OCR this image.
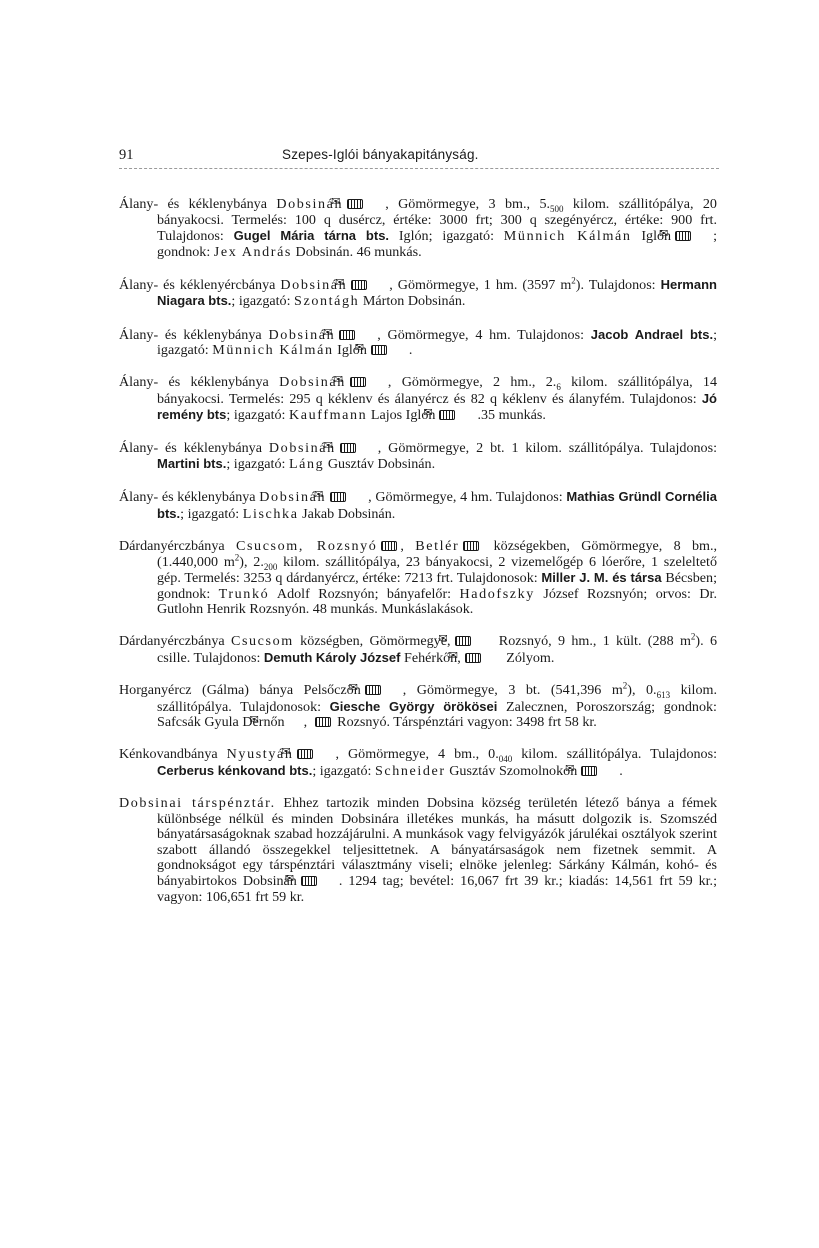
91	Szepes-Iglói bányakapitányság.

Álany- és kéklenybánya Dobsinán ✉	, Gömörmegye, 3 bm., $5._{500}$ kilom. szállitópálya, 20 bányakocsi. Termelés: 100 q dusércz, értéke: 3000 frt; 300 q szegényércz, értéke: 900 frt. Tulajdonos: Gugel Mária tárna bts. Iglón; igazgató: Münnich Kálmán Iglón ✉	; gondnok: Jex András Dobsinán. 46 munkás.

Álany- és kéklenyércbánya Dobsinán ✉	, Gömörmegye, 1 hm. (3597 $m^2$). Tulajdonos: Hermann Niagara bts.; igazgató: Szontágh Márton Dobsinán.

Álany- és kéklenybánya Dobsinán ✉	, Gömörmegye, 4 hm. Tulajdonos: Jacob Andrael bts.; igazgató: Münnich Kálmán Iglón ✉	.

Álany- és kéklenybánya Dobsinán ✉	, Gömörmegye, 2 hm., $2._6$ kilom. szállitópálya, 14 bányakocsi. Termelés: 295 q kéklenv és álanyércz és 82 q kéklenv és álanyfém. Tulajdonos: Jó remény bts; igazgató: Kauffmann Lajos Iglón ✉	.35 munkás.

Álany- és kéklenybánya Dobsinán ✉	, Gömörmegye, 2 bt. 1 kilom. szállitópálya. Tulajdonos: Martini bts.; igazgató: Láng Gusztáv Dobsinán.

Álany- és kéklenybánya Dobsinán ✉	, Gömörmegye, 4 hm. Tulajdonos: Mathias Gründl Cornélia bts.; igazgató: Lischka Jakab Dobsinán.

Dárdanyérczbánya Csucsom, Rozsnyó , Betlér községekben, Gömörmegye, 8 bm., (1.440,000 $m^2$), $2._{200}$ kilom. szállitópálya, 23 bányakocsi, 2 vizemelőgép 6 lóerőre, 1 szeleltető gép. Termelés: 3253 q dárdanyércz, értéke: 7213 frt. Tulajdonosok: Miller J. M. és társa Bécsben; gondnok: Trunkó Adolf Rozsnyón; bányafelőr: Hadofszky József Rozsnyón; orvos: Dr. Gutlohn Henrik Rozsnyón. 48 munkás. Munkáslakások.

Dárdanyérczbánya Csucsom községben, Gömörmegye, ✉	Rozsnyó, 9 hm., 1 kült. (288 $m^2$). 6 csille. Tulajdonos: Demuth Károly József Fehérkőn, ✉	Zólyom.

Horganyércz (Gálma) bánya Pelsőczön ✉	, Gömörmegye, 3 bt. (541,396 $m^2$), $0._{613}$ kilom. szállitópálya. Tulajdonosok: Giesche György örökösei Zalecznen, Poroszország; gondnok: Safcsák Gyula Dernőn ✉ ,  Rozsnyó. Társpénztári vagyon: 3498 frt 58 kr.

Kénkovandbánya Nyustyán ✉	, Gömörmegye, 4 bm., $0._{040}$ kilom. szállitópálya. Tulajdonos: Cerberus kénkovand bts.; igazgató: Schneider Gusztáv Szomolnokon ✉	.

Dobsinai társpénztár. Ehhez tartozik minden Dobsina község területén létező bánya a fémek különbsége nélkül és minden Dobsinára illetékes munkás, ha másutt dolgozik is. Szomszéd bányatársaságoknak szabad hozzájárulni. A munkások vagy felvigyázók járulékai osztályok szerint szabott állandó összegekkel teljesittetnek. A bányatársaságok nem fizetnek semmit. A gondnokságot egy társpénztári választmány viseli; elnöke jelenleg: Sárkány Kálmán, kohó- és bányabirtokos Dobsinán ✉	. 1294 tag; bevétel: 16,067 frt 39 kr.; kiadás: 14,561 frt 59 kr.; vagyon: 106,651 frt 59 kr.
